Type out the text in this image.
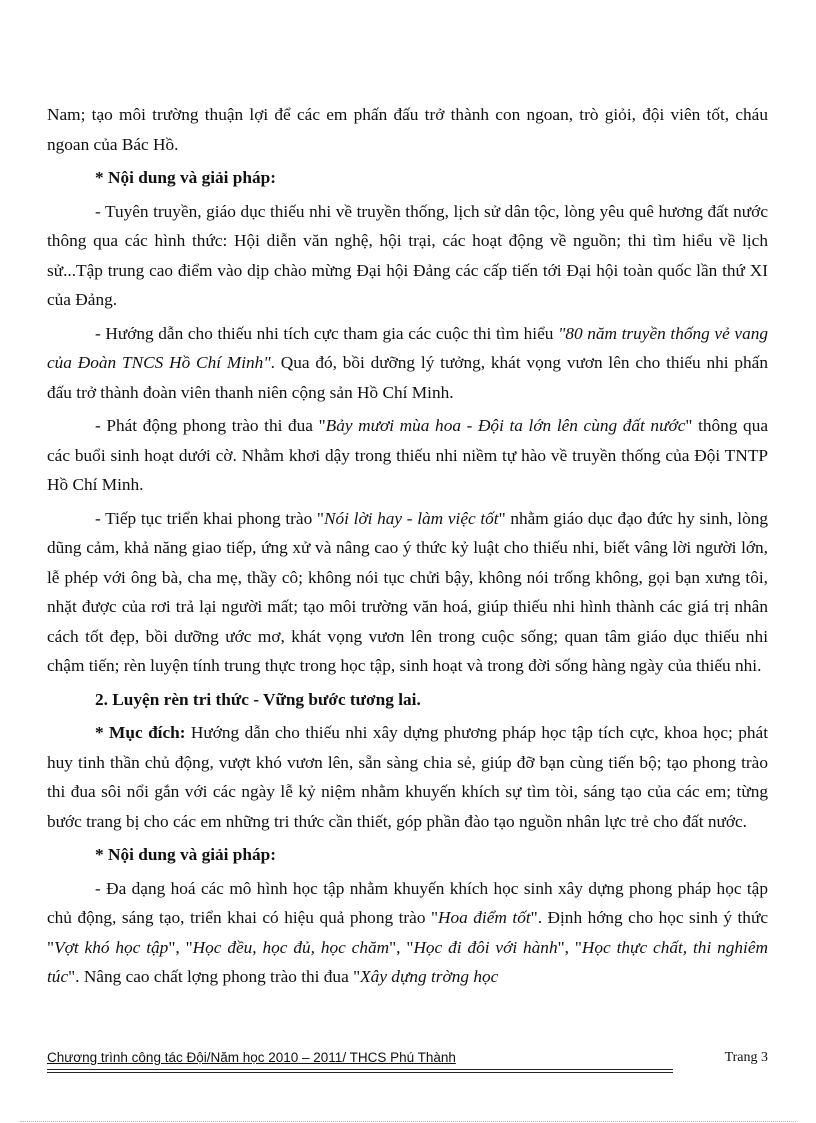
Nam; tạo môi trường thuận lợi để các em phấn đấu trở thành con ngoan, trò giỏi, đội viên tốt, cháu ngoan của Bác Hồ.

* Nội dung và giải pháp:

- Tuyên truyền, giáo dục thiếu nhi về truyền thống, lịch sử dân tộc, lòng yêu quê hương đất nước thông qua các hình thức: Hội diễn văn nghệ, hội trại, các hoạt động về nguồn; thi tìm hiểu về lịch sử...Tập trung cao điểm vào dịp chào mừng Đại hội Đảng các cấp tiến tới Đại hội toàn quốc lần thứ XI của Đảng.

- Hướng dẫn cho thiếu nhi tích cực tham gia các cuộc thi tìm hiểu "80 năm truyền thống vẻ vang của Đoàn TNCS Hồ Chí Minh". Qua đó, bồi dưỡng lý tưởng, khát vọng vươn lên cho thiếu nhi phấn đấu trở thành đoàn viên thanh niên cộng sản Hồ Chí Minh.

- Phát động phong trào thi đua "Bảy mươi mùa hoa - Đội ta lớn lên cùng đất nước" thông qua các buổi sinh hoạt dưới cờ. Nhằm khơi dậy trong thiếu nhi niềm tự hào về truyền thống của Đội TNTP Hồ Chí Minh.

- Tiếp tục triển khai phong trào "Nói lời hay - làm việc tốt" nhằm giáo dục đạo đức hy sinh, lòng dũng cảm, khả năng giao tiếp, ứng xử và nâng cao ý thức kỷ luật cho thiếu nhi, biết vâng lời người lớn, lễ phép với ông bà, cha mẹ, thầy cô; không nói tục chửi bậy, không nói trống không, gọi bạn xưng tôi, nhặt được của rơi trả lại người mất; tạo môi trường văn hoá, giúp thiếu nhi hình thành các giá trị nhân cách tốt đẹp, bồi dưỡng ước mơ, khát vọng vươn lên trong cuộc sống; quan tâm giáo dục thiếu nhi chậm tiến; rèn luyện tính trung thực trong học tập, sinh hoạt và trong đời sống hàng ngày của thiếu nhi.

2. Luyện rèn tri thức - Vững bước tương lai.

* Mục đích: Hướng dẫn cho thiếu nhi xây dựng phương pháp học tập tích cực, khoa học; phát huy tinh thần chủ động, vượt khó vươn lên, sẵn sàng chia sẻ, giúp đỡ bạn cùng tiến bộ; tạo phong trào thi đua sôi nổi gắn với các ngày lễ kỷ niệm nhằm khuyến khích sự tìm tòi, sáng tạo của các em; từng bước trang bị cho các em những tri thức cần thiết, góp phần đào tạo nguồn nhân lực trẻ cho đất nước.

* Nội dung và giải pháp:

- Đa dạng hoá các mô hình học tập nhằm khuyến khích học sinh xây dựng phong pháp học tập chủ động, sáng tạo, triển khai có hiệu quả phong trào "Hoa điểm tốt". Định hớng cho học sinh ý thức "Vợt khó học tập", "Học đều, học đủ, học chăm", "Học đi đôi với hành", "Học thực chất, thi nghiêm túc". Nâng cao chất lợng phong trào thi đua "Xây dựng trờng học

Chương trình công tác Đội/Năm học 2010 – 2011/ THCS Phú Thành	Trang 3
